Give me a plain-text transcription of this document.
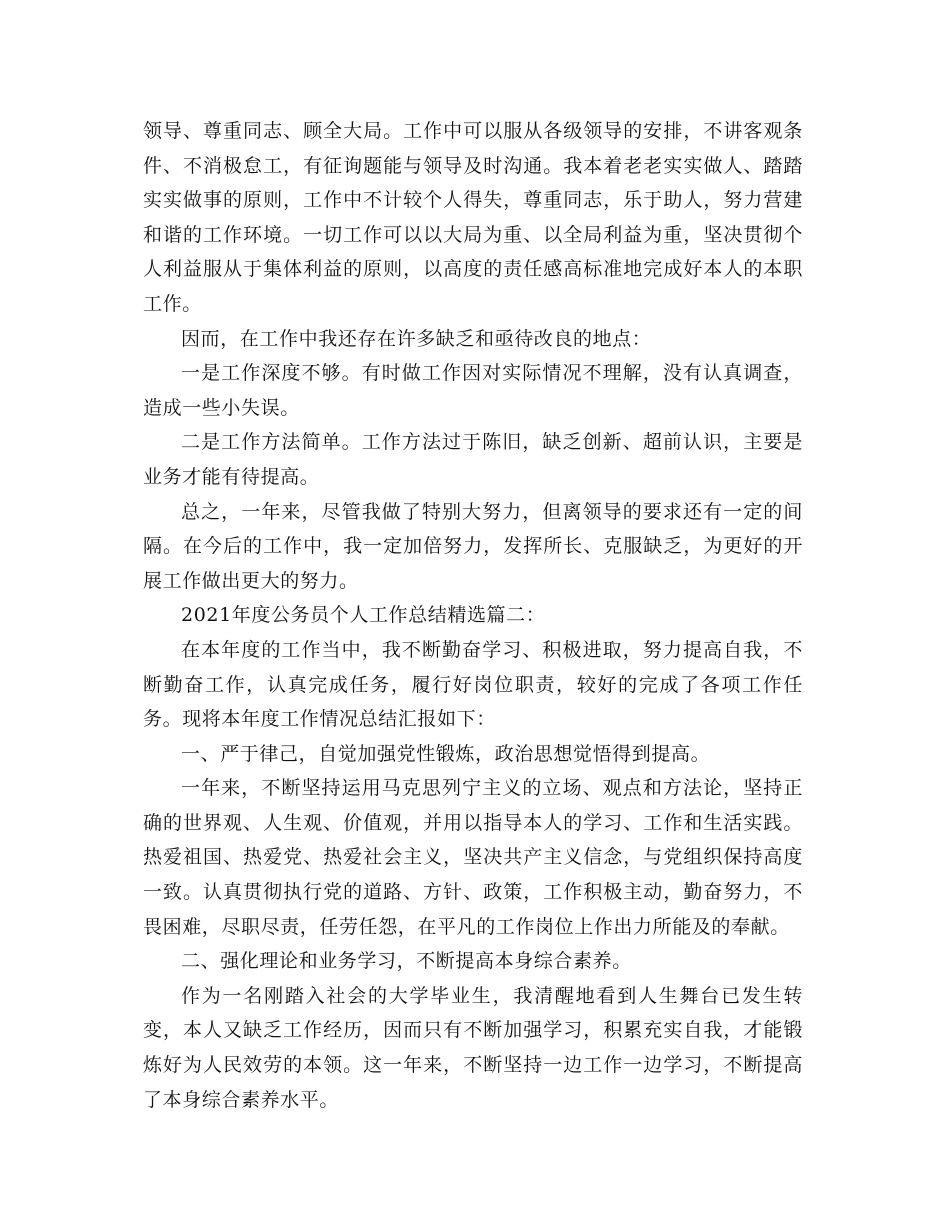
领导、尊重同志、顾全大局。工作中可以服从各级领导的安排，不讲客观条件、不消极怠工，有征询题能与领导及时沟通。我本着老老实实做人、踏踏实实做事的原则，工作中不计较个人得失，尊重同志，乐于助人，努力营建和谐的工作环境。一切工作可以以大局为重、以全局利益为重，坚决贯彻个人利益服从于集体利益的原则，以高度的责任感高标准地完成好本人的本职工作。

因而，在工作中我还存在许多缺乏和亟待改良的地点：

一是工作深度不够。有时做工作因对实际情况不理解，没有认真调查，造成一些小失误。

二是工作方法简单。工作方法过于陈旧，缺乏创新、超前认识，主要是业务才能有待提高。

总之，一年来，尽管我做了特别大努力，但离领导的要求还有一定的间隔。在今后的工作中，我一定加倍努力，发挥所长、克服缺乏，为更好的开展工作做出更大的努力。

2021年度公务员个人工作总结精选篇二：

在本年度的工作当中，我不断勤奋学习、积极进取，努力提高自我，不断勤奋工作，认真完成任务，履行好岗位职责，较好的完成了各项工作任务。现将本年度工作情况总结汇报如下：

一、严于律己，自觉加强党性锻炼，政治思想觉悟得到提高。

一年来，不断坚持运用马克思列宁主义的立场、观点和方法论，坚持正确的世界观、人生观、价值观，并用以指导本人的学习、工作和生活实践。热爱祖国、热爱党、热爱社会主义，坚决共产主义信念，与党组织保持高度一致。认真贯彻执行党的道路、方针、政策，工作积极主动，勤奋努力，不畏困难，尽职尽责，任劳任怨，在平凡的工作岗位上作出力所能及的奉献。

二、强化理论和业务学习，不断提高本身综合素养。

作为一名刚踏入社会的大学毕业生，我清醒地看到人生舞台已发生转变，本人又缺乏工作经历，因而只有不断加强学习，积累充实自我，才能锻炼好为人民效劳的本领。这一年来，不断坚持一边工作一边学习，不断提高了本身综合素养水平。
